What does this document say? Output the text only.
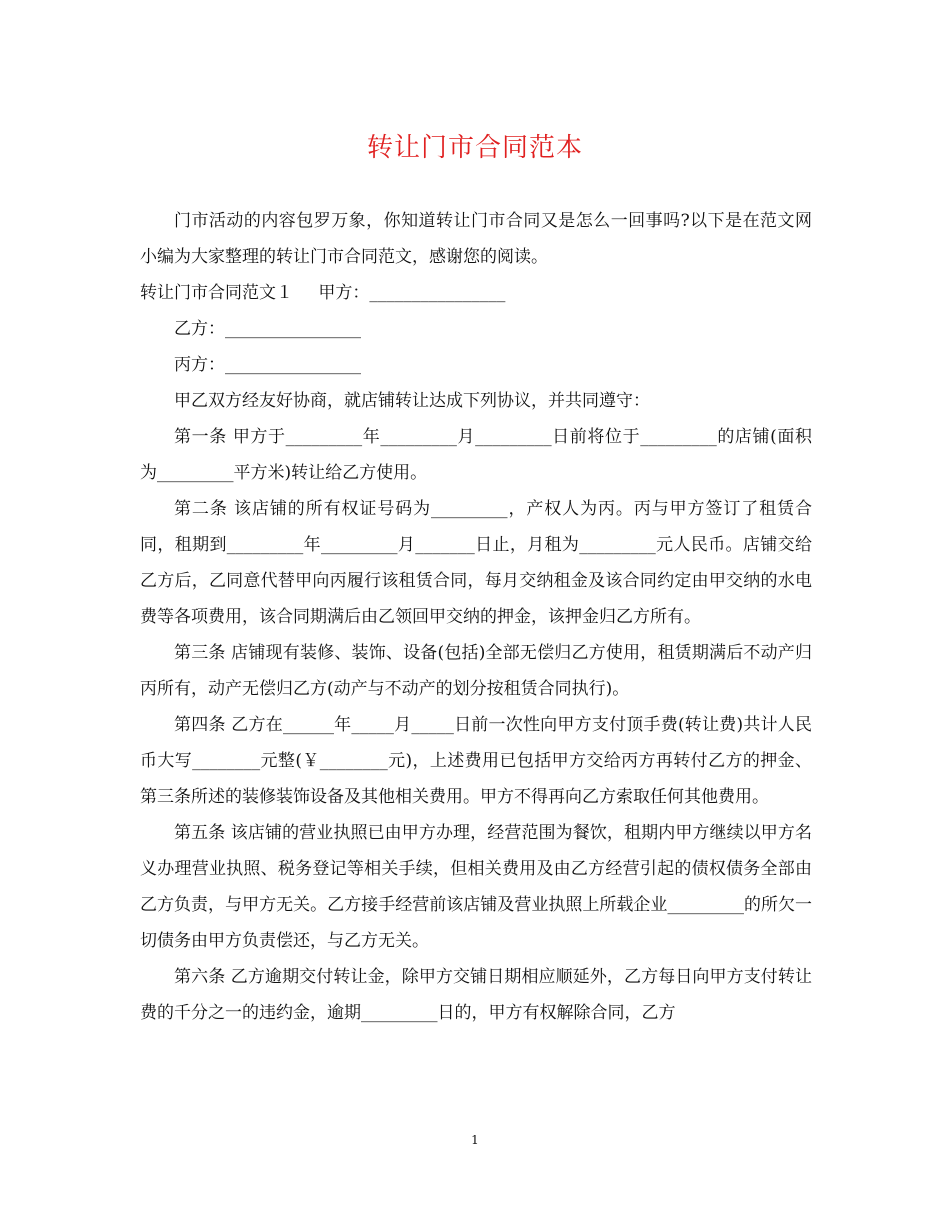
转让门市合同范本

门市活动的内容包罗万象，你知道转让门市合同又是怎么一回事吗?以下是在范文网小编为大家整理的转让门市合同范文，感谢您的阅读。

转让门市合同范文１	甲方：________________

乙方：________________

丙方：________________

甲乙双方经友好协商，就店铺转让达成下列协议，并共同遵守：

第一条 甲方于_________年_________月_________日前将位于_________的店铺(面积为_________平方米)转让给乙方使用。

第二条 该店铺的所有权证号码为_________，产权人为丙。丙与甲方签订了租赁合同，租期到_________年_________月_______日止，月租为_________元人民币。店铺交给乙方后，乙同意代替甲向丙履行该租赁合同，每月交纳租金及该合同约定由甲交纳的水电费等各项费用，该合同期满后由乙领回甲交纳的押金，该押金归乙方所有。

第三条 店铺现有装修、装饰、设备(包括)全部无偿归乙方使用，租赁期满后不动产归丙所有，动产无偿归乙方(动产与不动产的划分按租赁合同执行)。

第四条 乙方在______年_____月_____日前一次性向甲方支付顶手费(转让费)共计人民币大写________元整(￥________元)，上述费用已包括甲方交给丙方再转付乙方的押金、第三条所述的装修装饰设备及其他相关费用。甲方不得再向乙方索取任何其他费用。

第五条 该店铺的营业执照已由甲方办理，经营范围为餐饮，租期内甲方继续以甲方名义办理营业执照、税务登记等相关手续，但相关费用及由乙方经营引起的债权债务全部由乙方负责，与甲方无关。乙方接手经营前该店铺及营业执照上所载企业_________的所欠一切债务由甲方负责偿还，与乙方无关。

第六条 乙方逾期交付转让金，除甲方交铺日期相应顺延外，乙方每日向甲方支付转让费的千分之一的违约金，逾期_________日的，甲方有权解除合同，乙方

1
